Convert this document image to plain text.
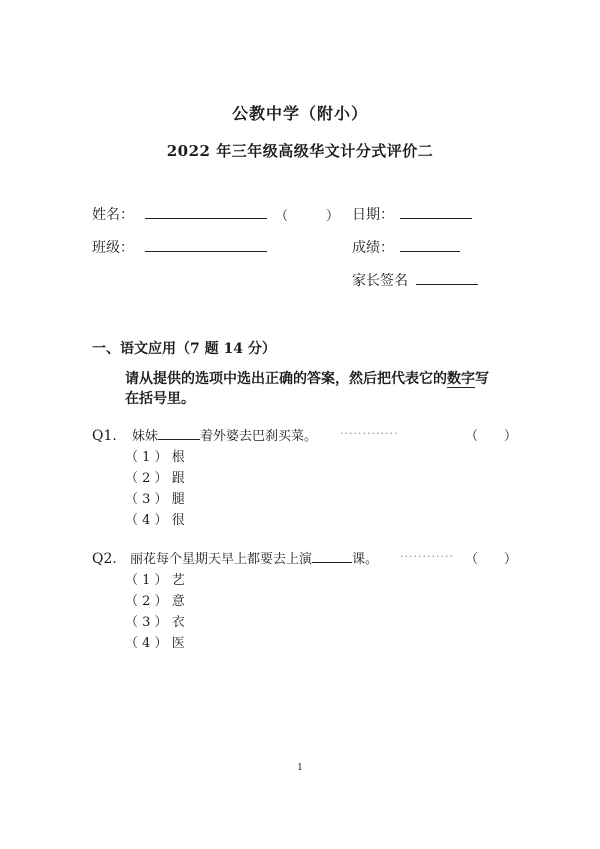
公教中学（附小）
2022 年三年级高级华文计分式评价二
姓名：	（	） 日期：
班级：	成绩：
家长签名
一、语文应用（7 题 14 分）
请从提供的选项中选出正确的答案，然后把代表它的数字写
在括号里。
Q1. 妹妹	着外婆去巴刹买菜。 ·············	（　　）
（ 1 ） 根
（ 2 ） 跟
（ 3 ） 腿
（ 4 ） 很
Q2. 丽花每个星期天早上都要去上演	课。 ············ （　　）
（ 1 ） 艺
（ 2 ） 意
（ 3 ） 衣
（ 4 ） 医
1
